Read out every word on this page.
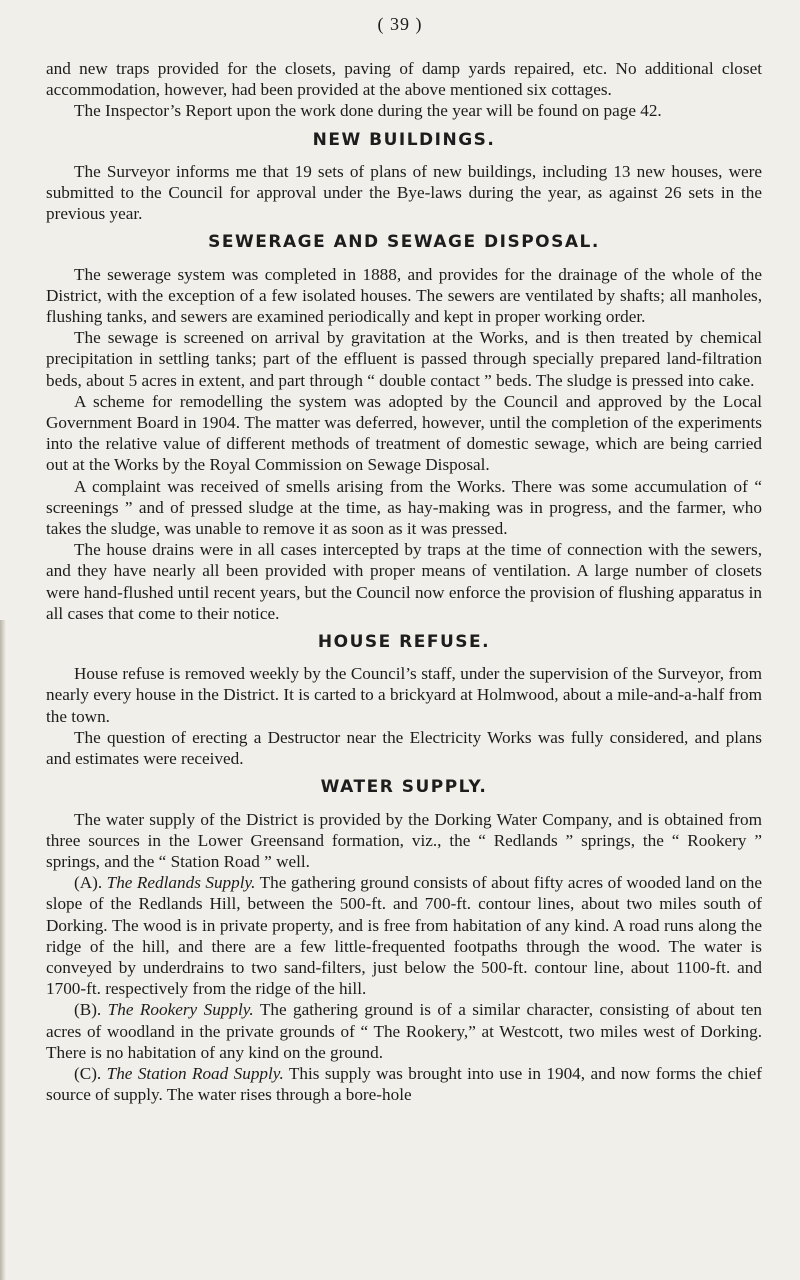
( 39 )

and new traps provided for the closets, paving of damp yards repaired, etc. No additional closet accommodation, however, had been provided at the above mentioned six cottages.

The Inspector’s Report upon the work done during the year will be found on page 42.

NEW BUILDINGS.

The Surveyor informs me that 19 sets of plans of new buildings, including 13 new houses, were submitted to the Council for approval under the Bye-laws during the year, as against 26 sets in the previous year.

SEWERAGE AND SEWAGE DISPOSAL.

The sewerage system was completed in 1888, and provides for the drainage of the whole of the District, with the exception of a few isolated houses. The sewers are ventilated by shafts; all manholes, flushing tanks, and sewers are examined periodically and kept in proper working order.

The sewage is screened on arrival by gravitation at the Works, and is then treated by chemical precipitation in settling tanks; part of the effluent is passed through specially prepared land-filtration beds, about 5 acres in extent, and part through “ double contact ” beds. The sludge is pressed into cake.

A scheme for remodelling the system was adopted by the Council and approved by the Local Government Board in 1904. The matter was deferred, however, until the completion of the experiments into the relative value of different methods of treatment of domestic sewage, which are being carried out at the Works by the Royal Commission on Sewage Disposal.

A complaint was received of smells arising from the Works. There was some accumulation of “ screenings ” and of pressed sludge at the time, as hay-making was in progress, and the farmer, who takes the sludge, was unable to remove it as soon as it was pressed.

The house drains were in all cases intercepted by traps at the time of connection with the sewers, and they have nearly all been provided with proper means of ventilation. A large number of closets were hand-flushed until recent years, but the Council now enforce the provision of flushing apparatus in all cases that come to their notice.

HOUSE REFUSE.

House refuse is removed weekly by the Council’s staff, under the supervision of the Surveyor, from nearly every house in the District. It is carted to a brickyard at Holmwood, about a mile-and-a-half from the town.

The question of erecting a Destructor near the Electricity Works was fully considered, and plans and estimates were received.

WATER SUPPLY.

The water supply of the District is provided by the Dorking Water Company, and is obtained from three sources in the Lower Greensand formation, viz., the “ Redlands ” springs, the “ Rookery ” springs, and the “ Station Road ” well.

(A). The Redlands Supply. The gathering ground consists of about fifty acres of wooded land on the slope of the Redlands Hill, between the 500-ft. and 700-ft. contour lines, about two miles south of Dorking. The wood is in private property, and is free from habitation of any kind. A road runs along the ridge of the hill, and there are a few little-frequented footpaths through the wood. The water is conveyed by underdrains to two sand-filters, just below the 500-ft. contour line, about 1100-ft. and 1700-ft. respectively from the ridge of the hill.

(B). The Rookery Supply. The gathering ground is of a similar character, consisting of about ten acres of woodland in the private grounds of “ The Rookery,” at Westcott, two miles west of Dorking. There is no habitation of any kind on the ground.

(C). The Station Road Supply. This supply was brought into use in 1904, and now forms the chief source of supply. The water rises through a bore-hole
